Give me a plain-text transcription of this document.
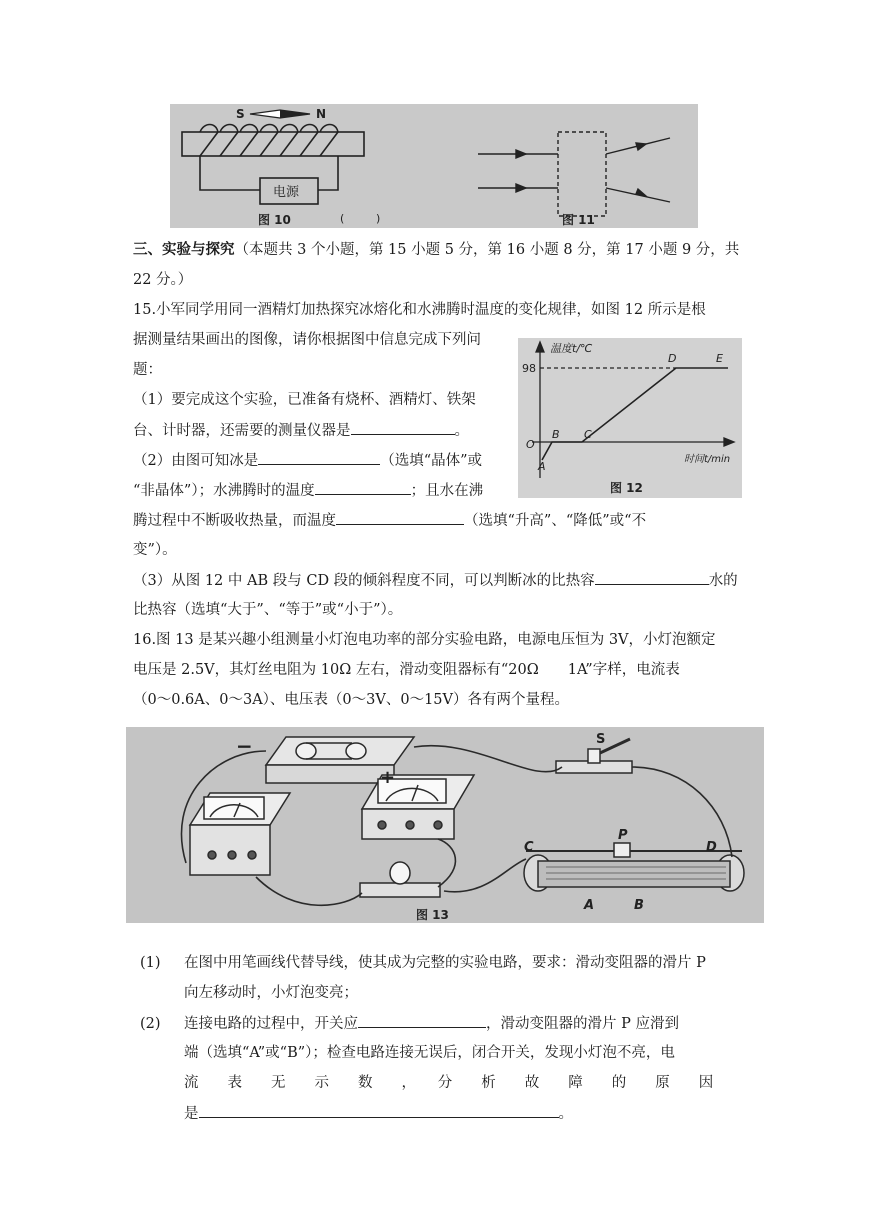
S	N
电源
(	)
图 10	图 11
三、实验与探究（本题共 3 个小题，第 15 小题 5 分，第 16 小题 8 分，第 17 小题 9 分，共
22 分。）
15.小军同学用同一酒精灯加热探究冰熔化和水沸腾时温度的变化规律，如图 12 所示是根
据测量结果画出的图像，请你根据图中信息完成下列问
题：
（1）要完成这个实验，已准备有烧杯、酒精灯、铁架
台、计时器，还需要的测量仪器是	。
（2）由图可知冰是	（选填“晶体”或
“非晶体”）；水沸腾时的温度	；且水在沸
腾过程中不断吸收热量，而温度	（选填“升高”、“降低”或“不
变”）。
（3）从图 12 中 AB 段与 CD 段的倾斜程度不同，可以判断冰的比热容	水的
比热容（选填“大于”、“等于”或“小于”）。
温度t/℃
时间t/min
98
O
A
B C
D	E
图 12
16.图 13 是某兴趣小组测量小灯泡电功率的部分实验电路，电源电压恒为 3V，小灯泡额定
电压是 2.5V，其灯丝电阻为 10Ω 左右，滑动变阻器标有“20Ω　　1A”字样，电流表
（0～0.6A、0～3A）、电压表（0～3V、0～15V）各有两个量程。
−
+
S
C
P
D
A	B
图 13
(1) 在图中用笔画线代替导线，使其成为完整的实验电路，要求：滑动变阻器的滑片 P
向左移动时，小灯泡变亮；
(2) 连接电路的过程中，开关应	，滑动变阻器的滑片 P 应滑到
端（选填“A”或“B”）；检查电路连接无误后，闭合开关，发现小灯泡不亮，电
流　　表　　无　　示　　数　　，　　分　　析　　故　　障　　的　　原　　因
是	。
